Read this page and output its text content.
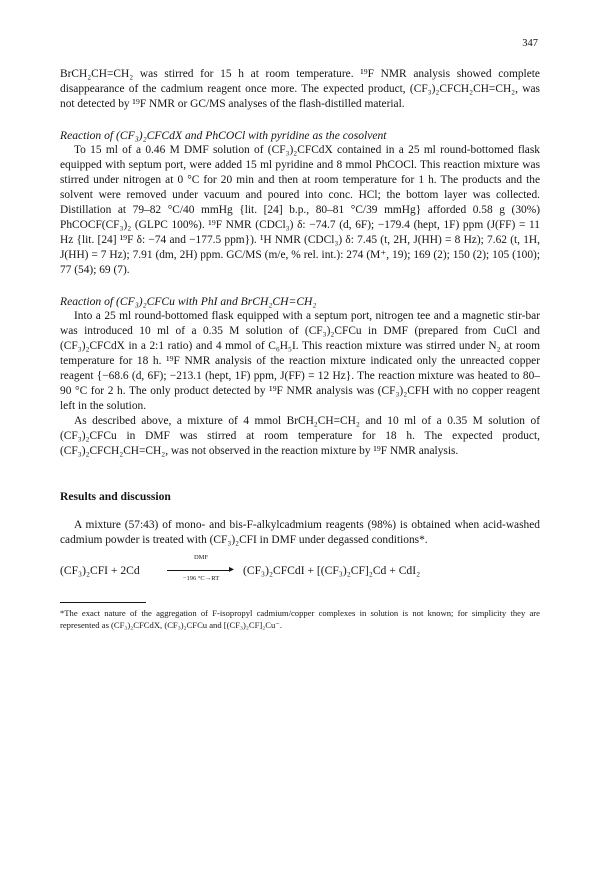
347

BrCH₂CH=CH₂ was stirred for 15 h at room temperature. ¹⁹F NMR analysis showed complete disappearance of the cadmium reagent once more. The expected product, (CF₃)₂CFCH₂CH=CH₂, was not detected by ¹⁹F NMR or GC/MS analyses of the flash-distilled material.

Reaction of (CF₃)₂CFCdX and PhCOCl with pyridine as the cosolvent

To 15 ml of a 0.46 M DMF solution of (CF₃)₂CFCdX contained in a 25 ml round-bottomed flask equipped with septum port, were added 15 ml pyridine and 8 mmol PhCOCl. This reaction mixture was stirred under nitrogen at 0 °C for 20 min and then at room temperature for 1 h. The products and the solvent were removed under vacuum and poured into conc. HCl; the bottom layer was collected. Distillation at 79–82 °C/40 mmHg {lit. [24] b.p., 80–81 °C/39 mmHg} afforded 0.58 g (30%) PhCOCF(CF₃)₂ (GLPC 100%). ¹⁹F NMR (CDCl₃) δ: −74.7 (d, 6F); −179.4 (hept, 1F) ppm (J(FF) = 11 Hz {lit. [24] ¹⁹F δ: −74 and −177.5 ppm}). ¹H NMR (CDCl₃) δ: 7.45 (t, 2H, J(HH) = 8 Hz); 7.62 (t, 1H, J(HH) = 7 Hz); 7.91 (dm, 2H) ppm. GC/MS (m/e, % rel. int.): 274 (M⁺, 19); 169 (2); 150 (2); 105 (100); 77 (54); 69 (7).

Reaction of (CF₃)₂CFCu with PhI and BrCH₂CH=CH₂

Into a 25 ml round-bottomed flask equipped with a septum port, nitrogen tee and a magnetic stir-bar was introduced 10 ml of a 0.35 M solution of (CF₃)₂CFCu in DMF (prepared from CuCl and (CF₃)₂CFCdX in a 2:1 ratio) and 4 mmol of C₆H₅I. This reaction mixture was stirred under N₂ at room temperature for 18 h. ¹⁹F NMR analysis of the reaction mixture indicated only the unreacted copper reagent {−68.6 (d, 6F); −213.1 (hept, 1F) ppm, J(FF) = 12 Hz}. The reaction mixture was heated to 80–90 °C for 2 h. The only product detected by ¹⁹F NMR analysis was (CF₃)₂CFH with no copper reagent left in the solution.

As described above, a mixture of 4 mmol BrCH₂CH=CH₂ and 10 ml of a 0.35 M solution of (CF₃)₂CFCu in DMF was stirred at room temperature for 18 h. The expected product, (CF₃)₂CFCH₂CH=CH₂, was not observed in the reaction mixture by ¹⁹F NMR analysis.

Results and discussion

A mixture (57:43) of mono- and bis-F-alkylcadmium reagents (98%) is obtained when acid-washed cadmium powder is treated with (CF₃)₂CFI in DMF under degassed conditions*.

(CF₃)₂CFI + 2Cd
DMF
▸
−196 °C→RT
(CF₃)₂CFCdI + [(CF₃)₂CF]₂Cd + CdI₂

*The exact nature of the aggregation of F-isopropyl cadmium/copper complexes in solution is not known; for simplicity they are represented as (CF₃)₂CFCdX, (CF₃)₂CFCu and [(CF₃)₂CF]₂Cu⁻.
